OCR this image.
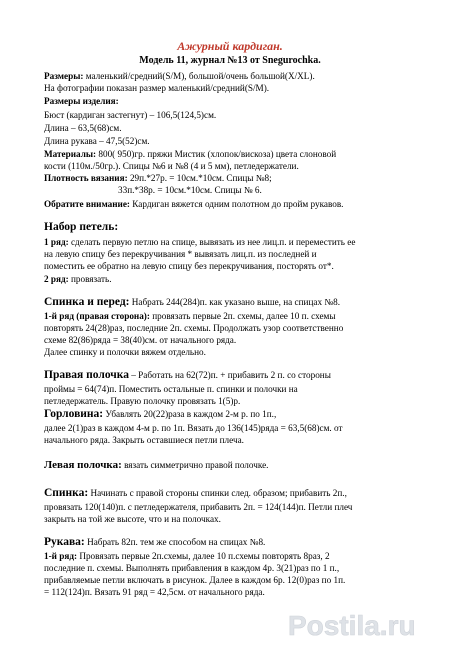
Ажурный кардиган.
Модель 11, журнал №13 от Snegurochka.
Размеры: маленький/средний(S/M), большой/очень большой(X/XL).
На фотографии показан размер маленький/средний(S/M).
Размеры изделия:
Бюст (кардиган застегнут) – 106,5(124,5)см.
Длина – 63,5(68)см.
Длина рукава – 47,5(52)см.
Материалы: 800( 950)гр. пряжи Мистик (хлопок/вискоза) цвета слоновой
кости (110м./50гр.). Спицы №6 и №8 (4 и 5 мм), петледержатели.
Плотность вязания: 29п.*27р. = 10см.*10см. Спицы №8;
33п.*38р. = 10см.*10см. Спицы № 6.
Обратите внимание: Кардиган вяжется одним полотном до пройм рукавов.
Набор петель:
1 ряд: сделать первую петлю на спице, вывязать из нее лиц.п. и переместить ее
на левую спицу без перекручивания * вывязать лиц.п. из последней и
поместить ее обратно на левую спицу без перекручивания, посторять от*.
2 ряд: провязать.
Спинка и перед: Набрать 244(284)п. как указано выше, на спицах №8.
1-й ряд (правая сторона): провязать первые 2п. схемы, далее 10 п. схемы
повторять 24(28)раз, последние 2п. схемы. Продолжать узор соответственно
схеме 82(86)ряда = 38(40)см. от начального ряда.
Далее спинку и полочки вяжем отдельно.
Правая полочка – Работать на 62(72)п. + прибавить 2 п. со стороны
проймы = 64(74)п. Поместить остальные п. спинки и полочки на
петледержатель. Правую полочку провязать 1(5)р.
Горловина: Убавлять 20(22)раза в каждом 2-м р. по 1п.,
далее 2(1)раз в каждом 4-м р. по 1п. Вязать до 136(145)ряда = 63,5(68)см. от
начального ряда. Закрыть оставшиеся петли плеча.
Левая полочка: вязать симметрично правой полочке.
Спинка: Начинать с правой стороны спинки след. образом; прибавить 2п.,
провязать 120(140)п. с петледержателя, прибавить 2п. = 124(144)п. Петли плеч
закрыть на той же высоте, что и на полочках.
Рукава: Набрать 82п. тем же способом на спицах №8.
1-й ряд: Провязать первые 2п.схемы, далее 10 п.схемы повторять 8раз, 2
последние п. схемы. Выполнять прибавления в каждом 4р. 3(21)раз по 1 п.,
прибавляемые петли включать в рисунок. Далее в каждом 6р. 12(0)раз по 1п.
= 112(124)п. Вязать 91 ряд = 42,5см. от начального ряда.
Postila.ru
